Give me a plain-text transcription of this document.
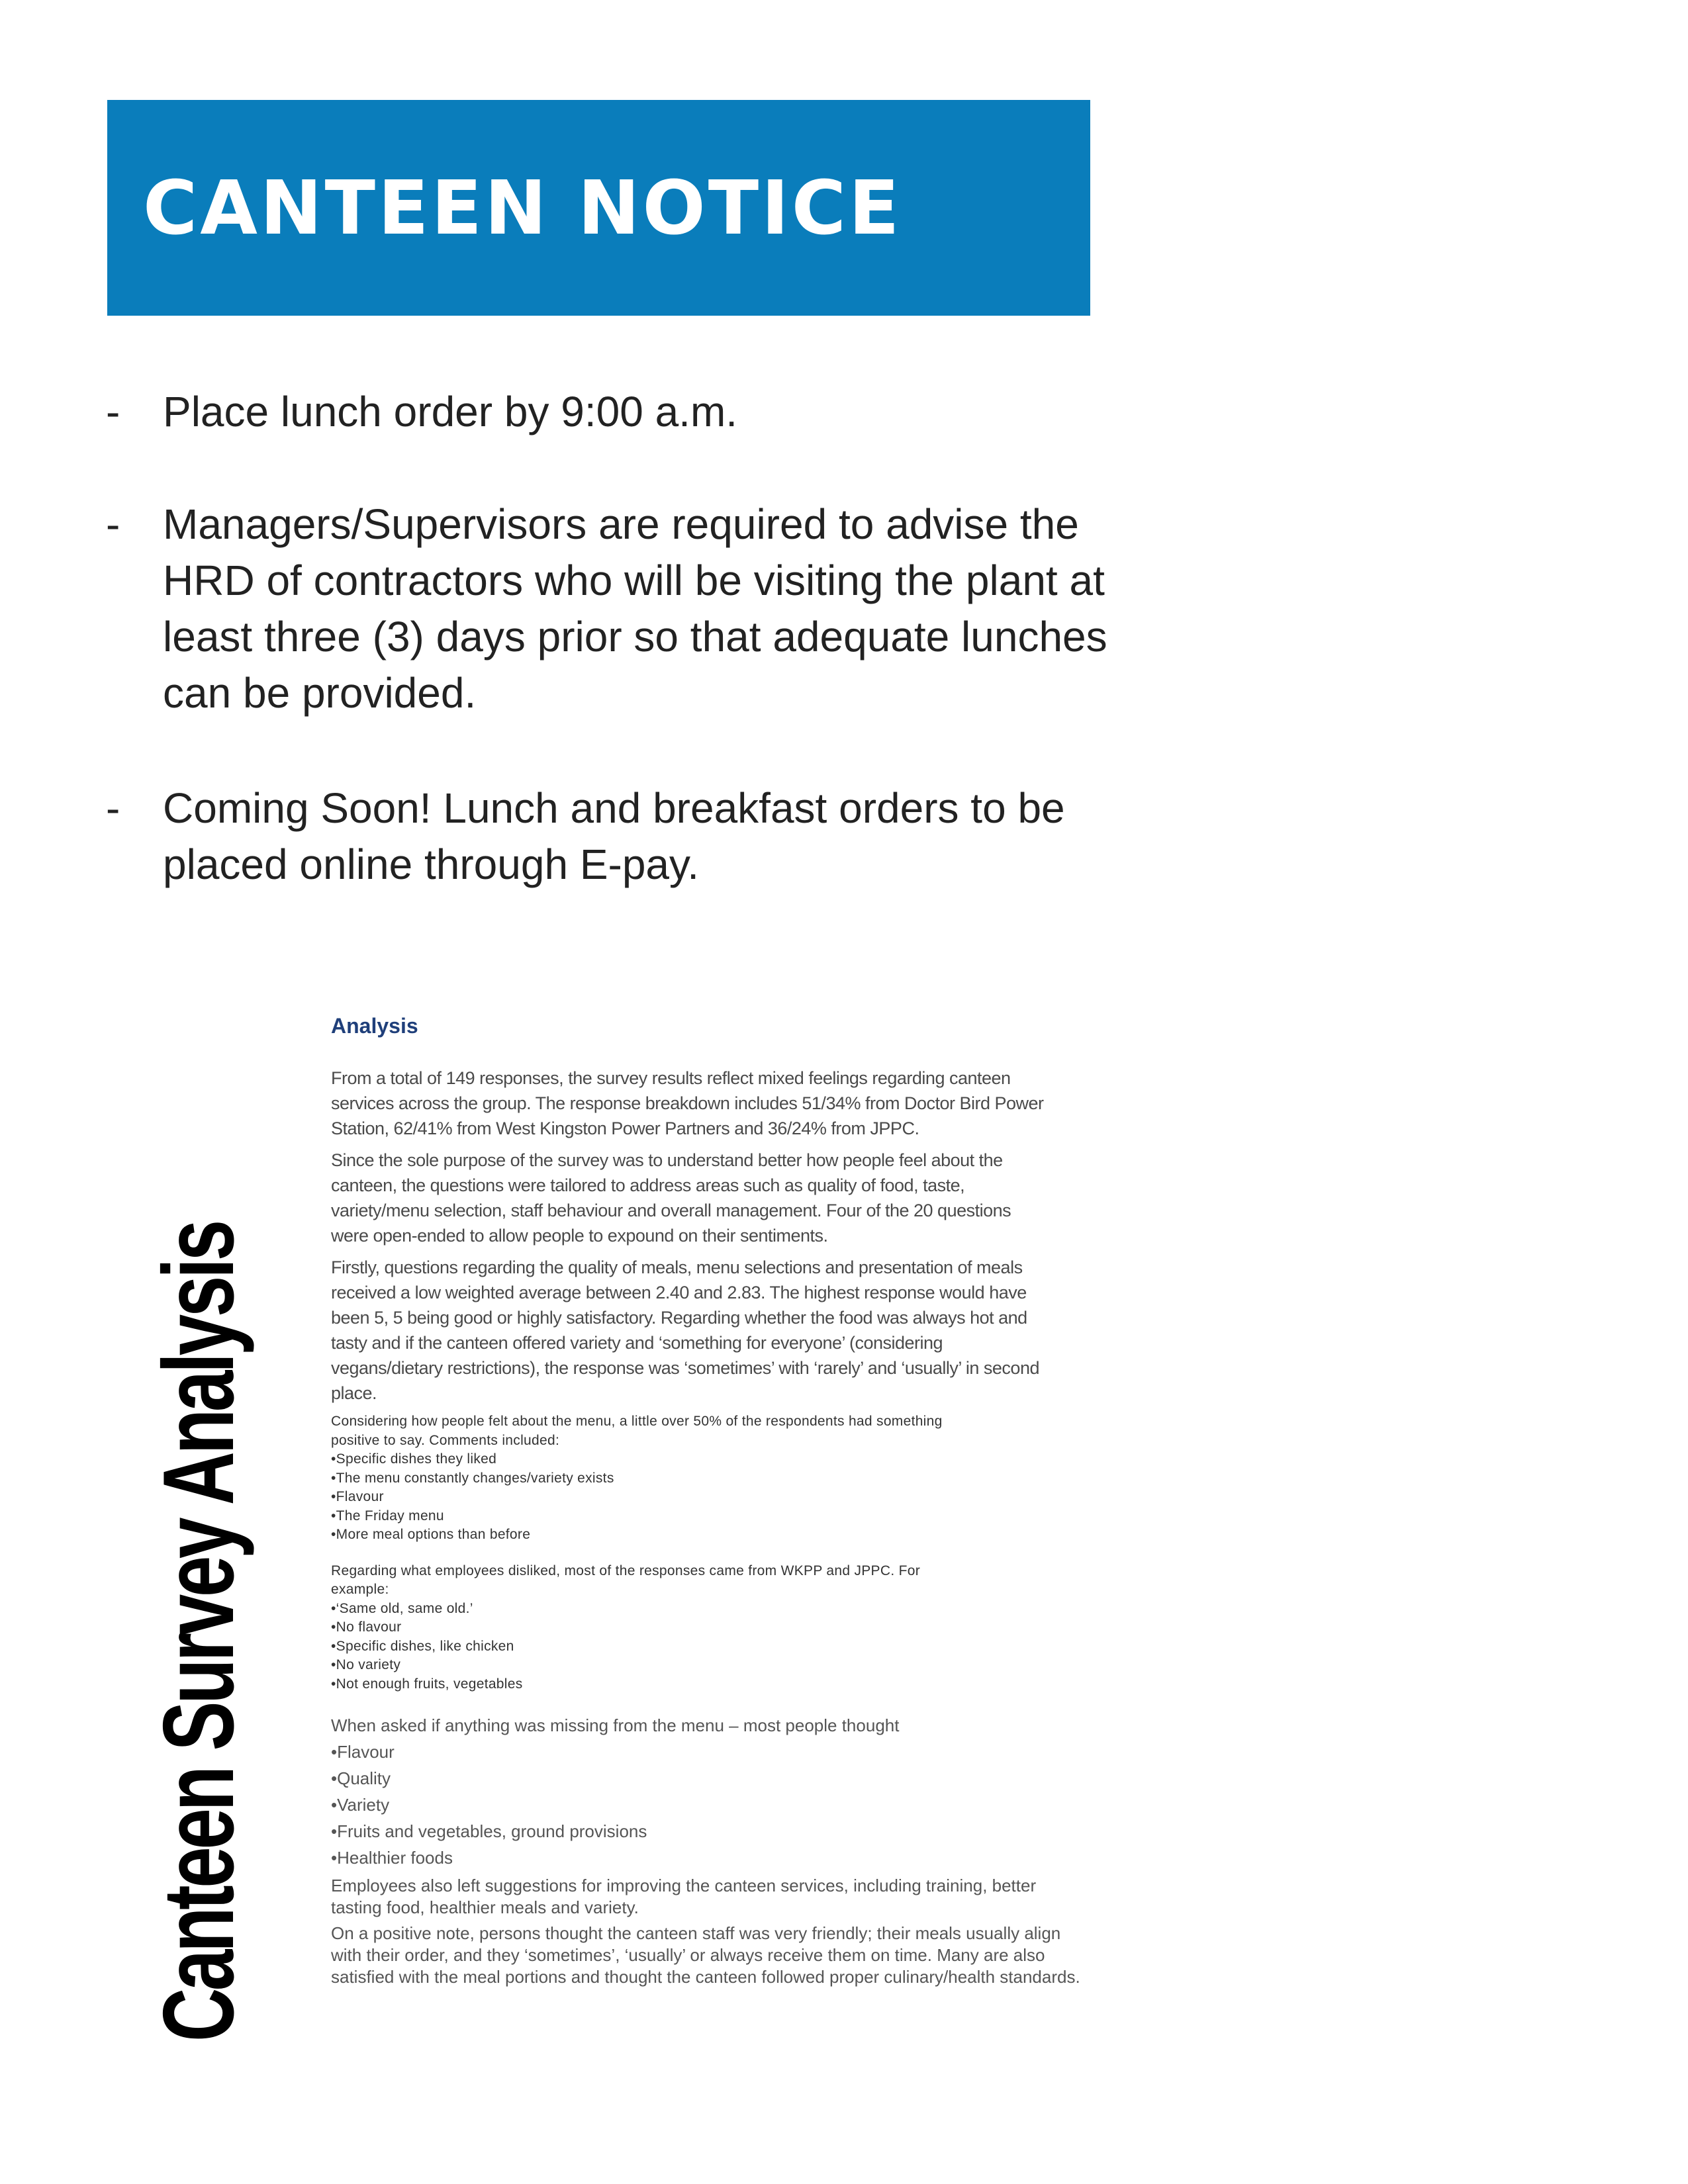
CANTEEN NOTICE
- Place lunch order by 9:00 a.m.
- Managers/Supervisors are required to advise the
HRD of contractors who will be visiting the plant at
least three (3) days prior so that adequate lunches
can be provided.
- Coming Soon! Lunch and breakfast orders to be
placed online through E-pay.
Canteen Survey Analysis
Analysis

From a total of 149 responses, the survey results reflect mixed feelings regarding canteen services across the group. The response breakdown includes 51/34% from Doctor Bird Power Station, 62/41% from West Kingston Power Partners and 36/24% from JPPC.

Since the sole purpose of the survey was to understand better how people feel about the canteen, the questions were tailored to address areas such as quality of food, taste, variety/menu selection, staff behaviour and overall management. Four of the 20 questions were open-ended to allow people to expound on their sentiments.

Firstly, questions regarding the quality of meals, menu selections and presentation of meals received a low weighted average between 2.40 and 2.83. The highest response would have been 5, 5 being good or highly satisfactory. Regarding whether the food was always hot and tasty and if the canteen offered variety and ‘something for everyone’ (considering vegans/dietary restrictions), the response was ‘sometimes’ with ‘rarely’ and ‘usually’ in second place.

Considering how people felt about the menu, a little over 50% of the respondents had something

positive to say. Comments included:

•Specific dishes they liked

•The menu constantly changes/variety exists

•Flavour

•The Friday menu

•More meal options than before

Regarding what employees disliked, most of the responses came from WKPP and JPPC. For

example:

•‘Same old, same old.’

•No flavour

•Specific dishes, like chicken

•No variety

•Not enough fruits, vegetables

When asked if anything was missing from the menu – most people thought

•Flavour

•Quality

•Variety

•Fruits and vegetables, ground provisions

•Healthier foods

Employees also left suggestions for improving the canteen services, including training, better tasting food, healthier meals and variety.

On a positive note, persons thought the canteen staff was very friendly; their meals usually align with their order, and they ‘sometimes’, ‘usually’ or always receive them on time. Many are also satisfied with the meal portions and thought the canteen followed proper culinary/health standards.
